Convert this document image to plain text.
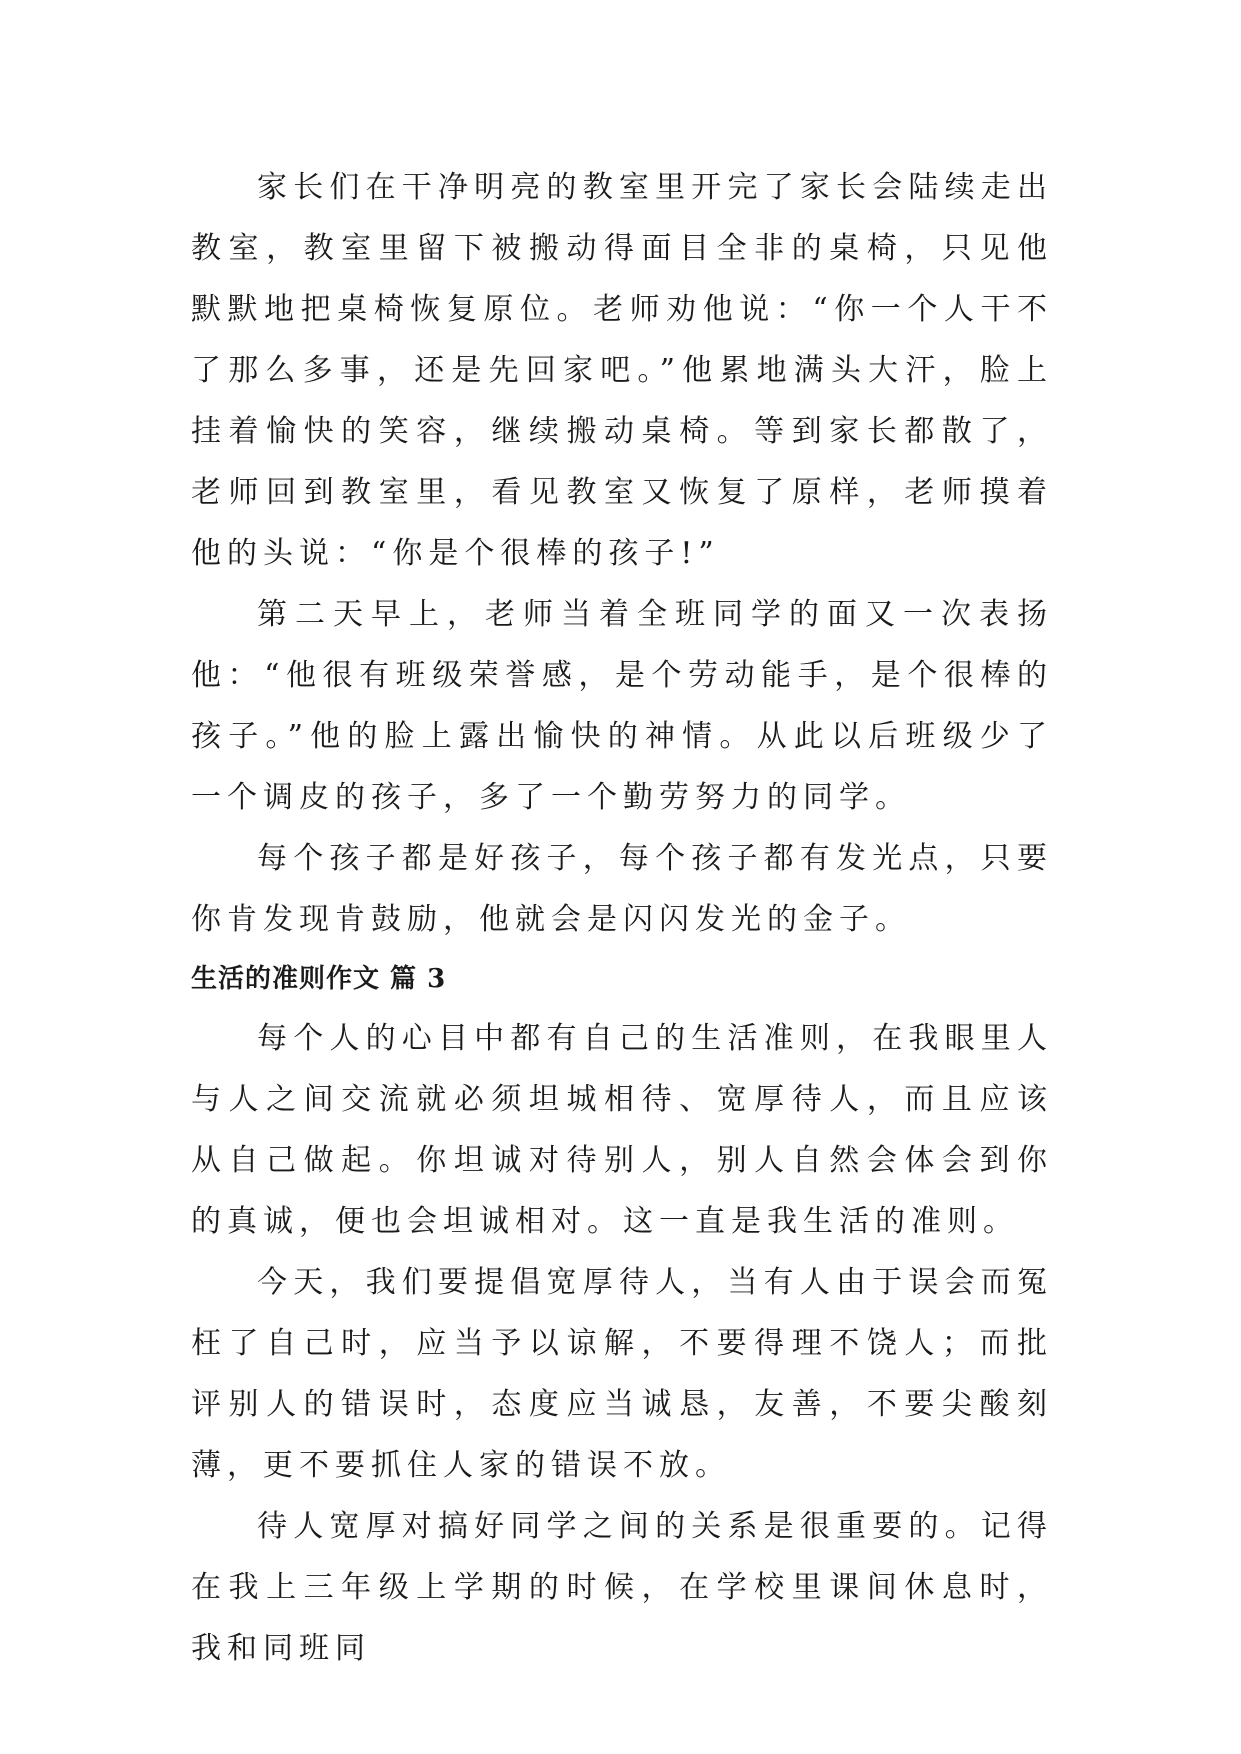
家长们在干净明亮的教室里开完了家长会陆续走出教室，教室里留下被搬动得面目全非的桌椅，只见他默默地把桌椅恢复原位。老师劝他说：“你一个人干不了那么多事，还是先回家吧。”他累地满头大汗，脸上挂着愉快的笑容，继续搬动桌椅。等到家长都散了，老师回到教室里，看见教室又恢复了原样，老师摸着他的头说：“你是个很棒的孩子!”

第二天早上，老师当着全班同学的面又一次表扬他：“他很有班级荣誉感，是个劳动能手，是个很棒的孩子。”他的脸上露出愉快的神情。从此以后班级少了一个调皮的孩子，多了一个勤劳努力的同学。

每个孩子都是好孩子，每个孩子都有发光点，只要你肯发现肯鼓励，他就会是闪闪发光的金子。

生活的准则作文 篇 3

每个人的心目中都有自己的生活准则，在我眼里人与人之间交流就必须坦城相待、宽厚待人，而且应该从自己做起。你坦诚对待别人，别人自然会体会到你的真诚，便也会坦诚相对。这一直是我生活的准则。

今天，我们要提倡宽厚待人，当有人由于误会而冤枉了自己时，应当予以谅解，不要得理不饶人；而批评别人的错误时，态度应当诚恳，友善，不要尖酸刻薄，更不要抓住人家的错误不放。

待人宽厚对搞好同学之间的关系是很重要的。记得在我上三年级上学期的时候，在学校里课间休息时，我和同班同
